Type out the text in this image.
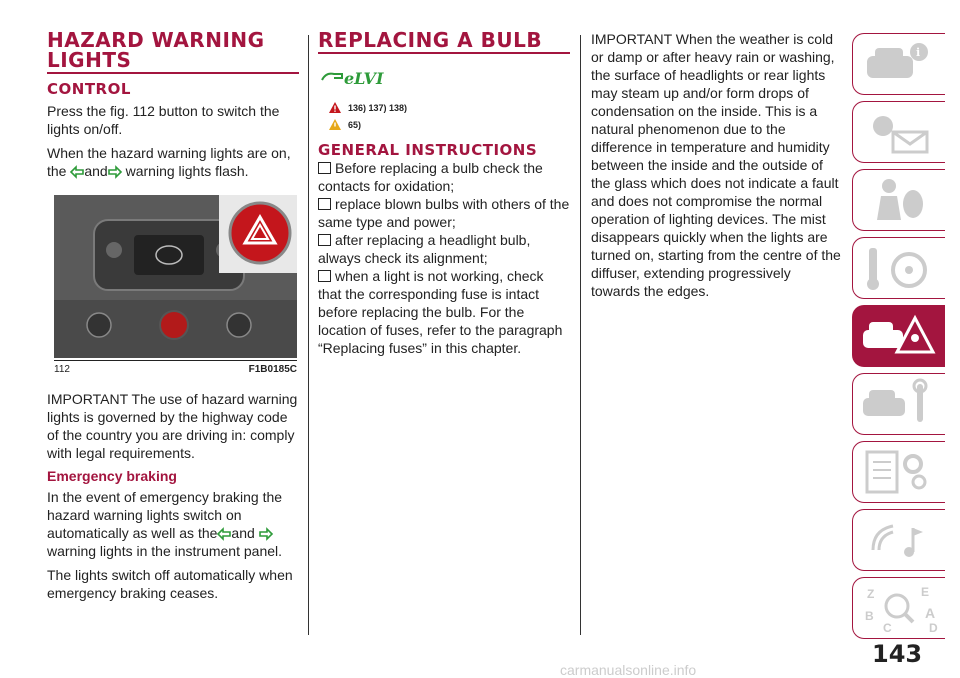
HAZARD WARNING LIGHTS
CONTROL

Press the fig. 112 button to switch the lights on/off.

When the hazard warning lights are on, the and warning lights flash.

112	F1B0185C

IMPORTANT The use of hazard warning lights is governed by the highway code of the country you are driving in: comply with legal requirements.

Emergency braking

In the event of emergency braking the hazard warning lights switch on automatically as well as the and warning lights in the instrument panel.

The lights switch off automatically when emergency braking ceases.

REPLACING A BULB
eLVI
136) 137) 138)
65)
GENERAL INSTRUCTIONS

Before replacing a bulb check the contacts for oxidation;

replace blown bulbs with others of the same type and power;

after replacing a headlight bulb, always check its alignment;

when a light is not working, check that the corresponding fuse is intact before replacing the bulb. For the location of fuses, refer to the paragraph “Replacing fuses” in this chapter.

IMPORTANT When the weather is cold or damp or after heavy rain or washing, the surface of headlights or rear lights may steam up and/or form drops of condensation on the inside. This is a natural phenomenon due to the difference in temperature and humidity between the inside and the outside of the glass which does not indicate a fault and does not compromise the normal operation of lighting devices. The mist disappears quickly when the lights are turned on, starting from the centre of the diffuser, extending progressively towards the edges.

i
Z	E
B	A
C	D
143
carmanualsonline.info
